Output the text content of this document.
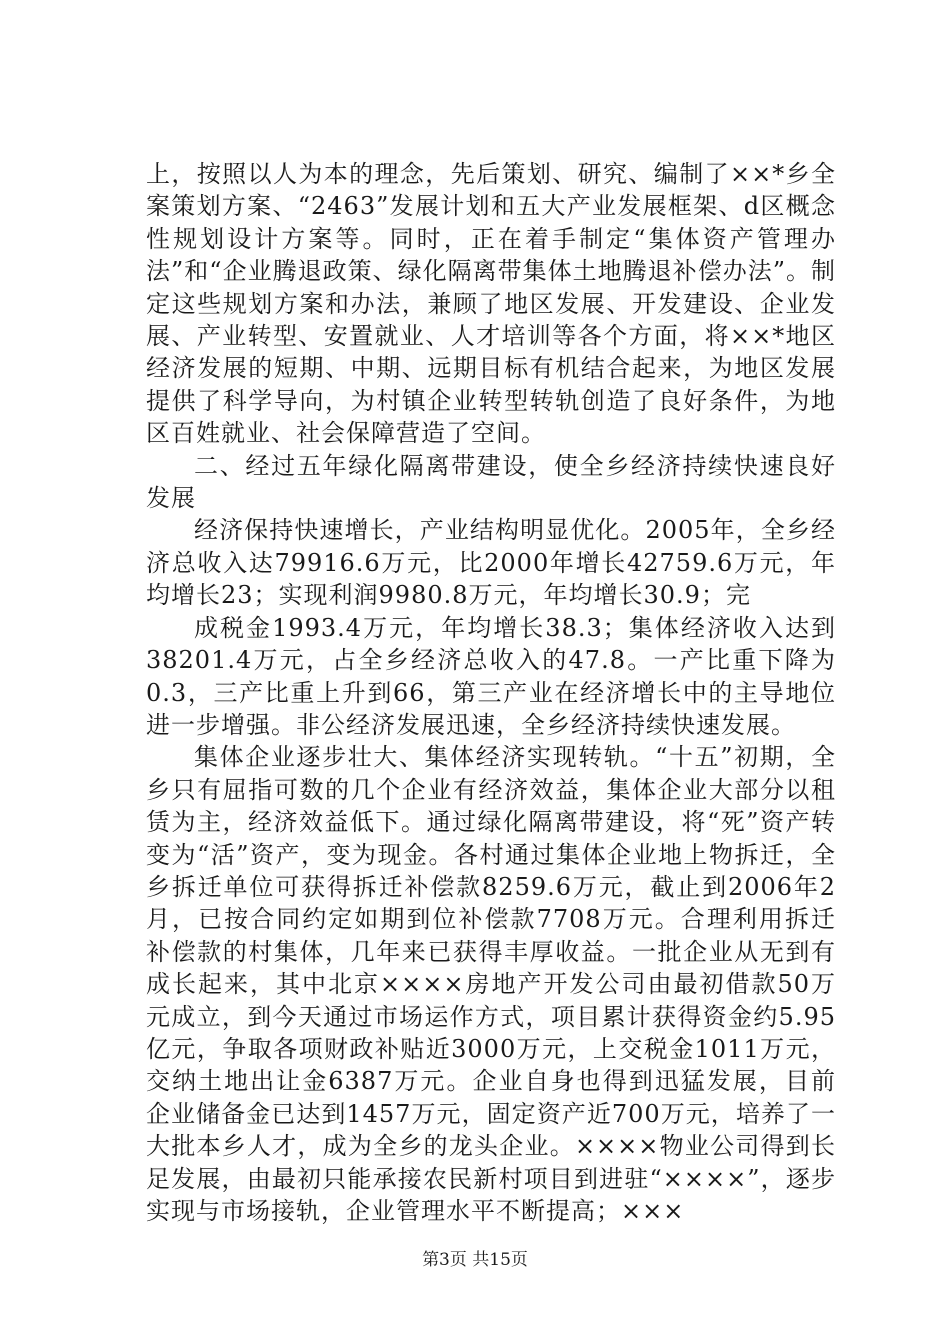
上，按照以人为本的理念，先后策划、研究、编制了××*乡全案策划方案、“2463”发展计划和五大产业发展框架、d区概念性规划设计方案等。同时，正在着手制定“集体资产管理办法”和“企业腾退政策、绿化隔离带集体土地腾退补偿办法”。制定这些规划方案和办法，兼顾了地区发展、开发建设、企业发展、产业转型、安置就业、人才培训等各个方面，将××*地区经济发展的短期、中期、远期目标有机结合起来，为地区发展提供了科学导向，为村镇企业转型转轨创造了良好条件，为地区百姓就业、社会保障营造了空间。

二、经过五年绿化隔离带建设，使全乡经济持续快速良好发展

经济保持快速增长，产业结构明显优化。2005年，全乡经济总收入达79916.6万元，比2000年增长42759.6万元，年均增长23；实现利润9980.8万元，年均增长30.9；完

成税金1993.4万元，年均增长38.3；集体经济收入达到38201.4万元，占全乡经济总收入的47.8。一产比重下降为0.3，三产比重上升到66，第三产业在经济增长中的主导地位进一步增强。非公经济发展迅速，全乡经济持续快速发展。

集体企业逐步壮大、集体经济实现转轨。“十五”初期，全乡只有屈指可数的几个企业有经济效益，集体企业大部分以租赁为主，经济效益低下。通过绿化隔离带建设，将“死”资产转变为“活”资产，变为现金。各村通过集体企业地上物拆迁，全乡拆迁单位可获得拆迁补偿款8259.6万元，截止到2006年2月，已按合同约定如期到位补偿款7708万元。合理利用拆迁补偿款的村集体，几年来已获得丰厚收益。一批企业从无到有成长起来，其中北京××××房地产开发公司由最初借款50万元成立，到今天通过市场运作方式，项目累计获得资金约5.95亿元，争取各项财政补贴近3000万元，上交税金1011万元，交纳土地出让金6387万元。企业自身也得到迅猛发展，目前企业储备金已达到1457万元，固定资产近700万元，培养了一大批本乡人才，成为全乡的龙头企业。××××物业公司得到长足发展，由最初只能承接农民新村项目到进驻“××××”，逐步实现与市场接轨，企业管理水平不断提高；×××

第3页 共15页
